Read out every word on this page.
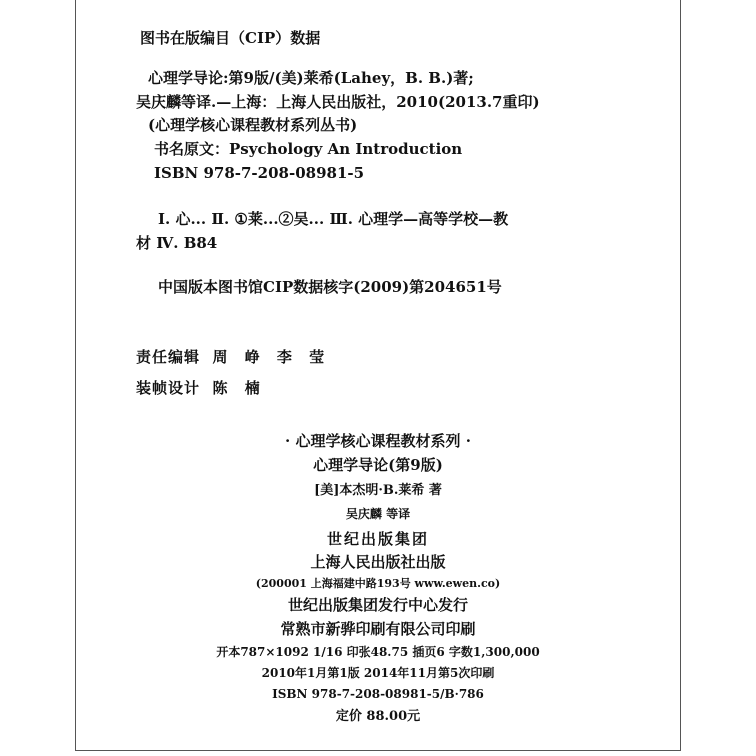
图书在版编目（CIP）数据
心理学导论:第9版/(美)莱希(Lahey，B. B.)著;
吴庆麟等译.—上海：上海人民出版社，2010(2013.7重印)
(心理学核心课程教材系列丛书)
书名原文：Psychology An Introduction
ISBN 978-7-208-08981-5
Ⅰ. 心... Ⅱ. ①莱...②吴... Ⅲ. 心理学—高等学校—教
材 Ⅳ. B84
中国版本图书馆CIP数据核字(2009)第204651号
责任编辑 周 峥 李 莹
装帧设计 陈 楠
· 心理学核心课程教材系列 ·
心理学导论(第9版)
[美]本杰明·B.莱希 著
吴庆麟 等译
世纪出版集团
上海人民出版社出版
(200001 上海福建中路193号 www.ewen.co)
世纪出版集团发行中心发行
常熟市新骅印刷有限公司印刷
开本787×1092 1/16 印张48.75 插页6 字数1,300,000
2010年1月第1版 2014年11月第5次印刷
ISBN 978-7-208-08981-5/B·786
定价 88.00元
